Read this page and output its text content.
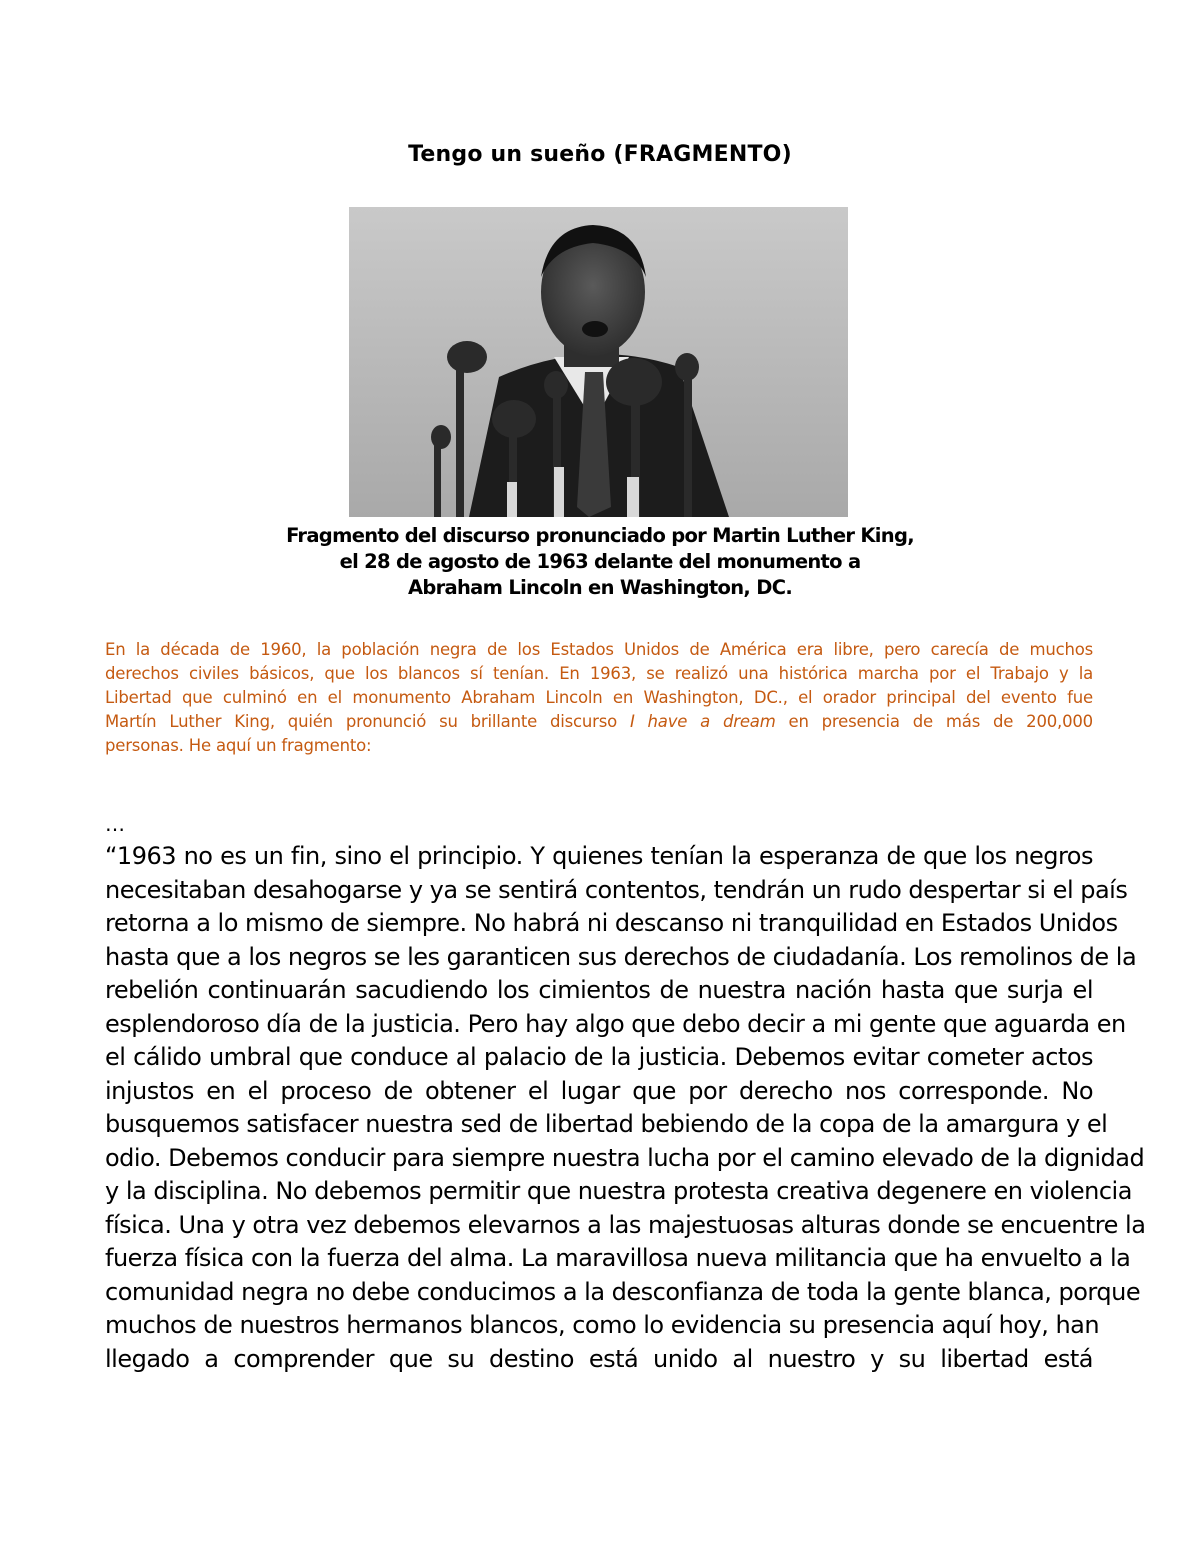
Tengo un sueño (FRAGMENTO)
Fragmento del discurso pronunciado por Martin Luther King,
el 28 de agosto de 1963 delante del monumento a
Abraham Lincoln en Washington, DC.
En la década de 1960, la población negra de los Estados Unidos de América era libre, pero carecía de muchos
derechos civiles básicos, que los blancos sí tenían. En 1963, se realizó una histórica marcha por el Trabajo y la
Libertad que culminó en el monumento Abraham Lincoln en Washington, DC., el orador principal del evento fue
Martín Luther King, quién pronunció su brillante discurso I have a dream en presencia de más de 200,000
personas. He aquí un fragmento:
…
“1963 no es un fin, sino el principio. Y quienes tenían la esperanza de que los negros
necesitaban desahogarse y ya se sentirá contentos, tendrán un rudo despertar si el país
retorna a lo mismo de siempre. No habrá ni descanso ni tranquilidad en Estados Unidos
hasta que a los negros se les garanticen sus derechos de ciudadanía. Los remolinos de la
rebelión continuarán sacudiendo los cimientos de nuestra nación hasta que surja el
esplendoroso día de la justicia. Pero hay algo que debo decir a mi gente que aguarda en
el cálido umbral que conduce al palacio de la justicia. Debemos evitar cometer actos
injustos en el proceso de obtener el lugar que por derecho nos corresponde. No
busquemos satisfacer nuestra sed de libertad bebiendo de la copa de la amargura y el
odio. Debemos conducir para siempre nuestra lucha por el camino elevado de la dignidad
y la disciplina. No debemos permitir que nuestra protesta creativa degenere en violencia
física. Una y otra vez debemos elevarnos a las majestuosas alturas donde se encuentre la
fuerza física con la fuerza del alma. La maravillosa nueva militancia que ha envuelto a la
comunidad negra no debe conducimos a la desconfianza de toda la gente blanca, porque
muchos de nuestros hermanos blancos, como lo evidencia su presencia aquí hoy, han
llegado a comprender que su destino está unido al nuestro y su libertad está
